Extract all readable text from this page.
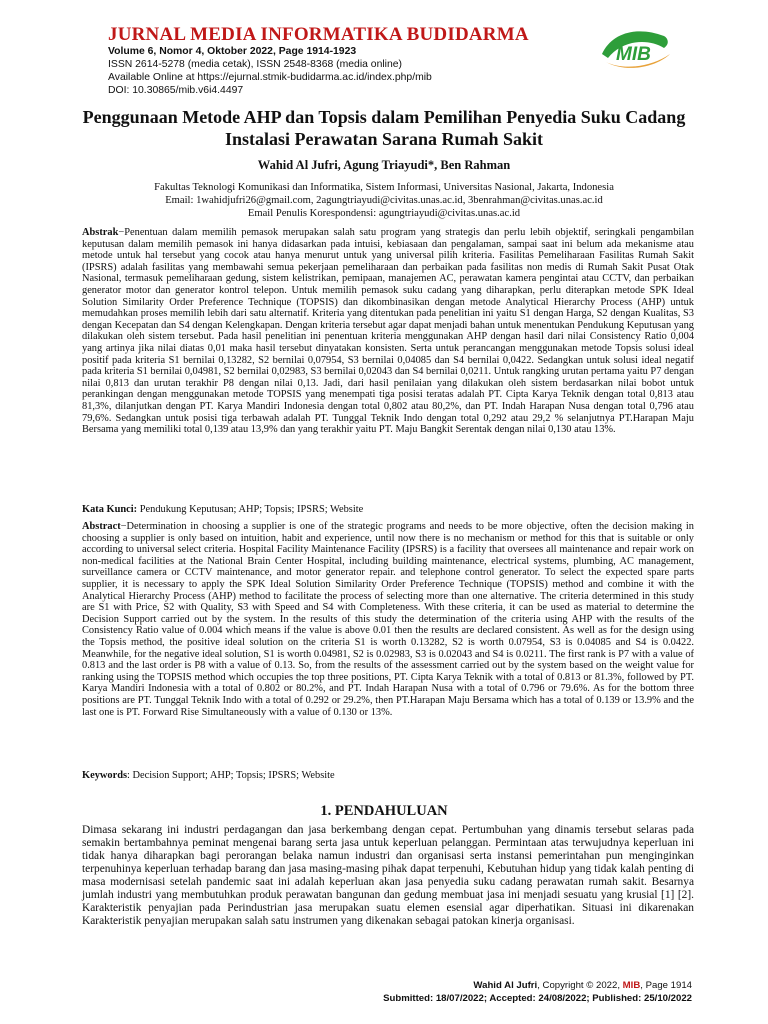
JURNAL MEDIA INFORMATIKA BUDIDARMA
Volume 6, Nomor 4, Oktober 2022, Page 1914-1923
ISSN 2614-5278 (media cetak), ISSN 2548-8368 (media online)
Available Online at https://ejurnal.stmik-budidarma.ac.id/index.php/mib
DOI: 10.30865/mib.v6i4.4497
MIB
Penggunaan Metode AHP dan Topsis dalam Pemilihan Penyedia Suku Cadang Instalasi Perawatan Sarana Rumah Sakit
Wahid Al Jufri, Agung Triayudi*, Ben Rahman
Fakultas Teknologi Komunikasi dan Informatika, Sistem Informasi, Universitas Nasional, Jakarta, Indonesia
Email: 1wahidjufri26@gmail.com, 2agungtriayudi@civitas.unas.ac.id, 3benrahman@civitas.unas.ac.id
Email Penulis Korespondensi: agungtriayudi@civitas.unas.ac.id

Abstrak−Penentuan dalam memilih pemasok merupakan salah satu program yang strategis dan perlu lebih objektif, seringkali pengambilan keputusan dalam memilih pemasok ini hanya didasarkan pada intuisi, kebiasaan dan pengalaman, sampai saat ini belum ada mekanisme atau metode untuk hal tersebut yang cocok atau hanya menurut untuk yang universal pilih kriteria. Fasilitas Pemeliharaan Fasilitas Rumah Sakit (IPSRS) adalah fasilitas yang membawahi semua pekerjaan pemeliharaan dan perbaikan pada fasilitas non medis di Rumah Sakit Pusat Otak Nasional, termasuk pemeliharaan gedung, sistem kelistrikan, pemipaan, manajemen AC, perawatan kamera pengintai atau CCTV, dan perbaikan generator motor dan generator kontrol telepon. Untuk memilih pemasok suku cadang yang diharapkan, perlu diterapkan metode SPK Ideal Solution Similarity Order Preference Technique (TOPSIS) dan dikombinasikan dengan metode Analytical Hierarchy Process (AHP) untuk memudahkan proses memilih lebih dari satu alternatif. Kriteria yang ditentukan pada penelitian ini yaitu S1 dengan Harga, S2 dengan Kualitas, S3 dengan Kecepatan dan S4 dengan Kelengkapan. Dengan kriteria tersebut agar dapat menjadi bahan untuk menentukan Pendukung Keputusan yang dilakukan oleh sistem tersebut. Pada hasil penelitian ini penentuan kriteria menggunakan AHP dengan hasil dari nilai Consistency Ratio 0,004 yang artinya jika nilai diatas 0,01 maka hasil tersebut dinyatakan konsisten. Serta untuk perancangan menggunakan metode Topsis solusi ideal positif pada kriteria S1 bernilai 0,13282, S2 bernilai 0,07954, S3 bernilai 0,04085 dan S4 bernilai 0,0422. Sedangkan untuk solusi ideal negatif pada kriteria S1 bernilai 0,04981, S2 bernilai 0,02983, S3 bernilai 0,02043 dan S4 bernilai 0,0211. Untuk rangking urutan pertama yaitu P7 dengan nilai 0,813 dan urutan terakhir P8 dengan nilai 0,13. Jadi, dari hasil penilaian yang dilakukan oleh sistem berdasarkan nilai bobot untuk perankingan dengan menggunakan metode TOPSIS yang menempati tiga posisi teratas adalah PT. Cipta Karya Teknik dengan total 0,813 atau 81,3%, dilanjutkan dengan PT. Karya Mandiri Indonesia dengan total 0,802 atau 80,2%, dan PT. Indah Harapan Nusa dengan total 0,796 atau 79,6%. Sedangkan untuk posisi tiga terbawah adalah PT. Tunggal Teknik Indo dengan total 0,292 atau 29,2 % selanjutnya PT.Harapan Maju Bersama yang memiliki total 0,139 atau 13,9% dan yang terakhir yaitu PT. Maju Bangkit Serentak dengan nilai 0,130 atau 13%.

Kata Kunci: Pendukung Keputusan; AHP; Topsis; IPSRS; Website

Abstract−Determination in choosing a supplier is one of the strategic programs and needs to be more objective, often the decision making in choosing a supplier is only based on intuition, habit and experience, until now there is no mechanism or method for this that is suitable or only according to universal select criteria. Hospital Facility Maintenance Facility (IPSRS) is a facility that oversees all maintenance and repair work on non-medical facilities at the National Brain Center Hospital, including building maintenance, electrical systems, plumbing, AC management, surveillance camera or CCTV maintenance, and motor generator repair. and telephone control generator. To select the expected spare parts supplier, it is necessary to apply the SPK Ideal Solution Similarity Order Preference Technique (TOPSIS) method and combine it with the Analytical Hierarchy Process (AHP) method to facilitate the process of selecting more than one alternative. The criteria determined in this study are S1 with Price, S2 with Quality, S3 with Speed and S4 with Completeness. With these criteria, it can be used as material to determine the Decision Support carried out by the system. In the results of this study the determination of the criteria using AHP with the results of the Consistency Ratio value of 0.004 which means if the value is above 0.01 then the results are declared consistent. As well as for the design using the Topsis method, the positive ideal solution on the criteria S1 is worth 0.13282, S2 is worth 0.07954, S3 is 0.04085 and S4 is 0.0422. Meanwhile, for the negative ideal solution, S1 is worth 0.04981, S2 is 0.02983, S3 is 0.02043 and S4 is 0.0211. The first rank is P7 with a value of 0.813 and the last order is P8 with a value of 0.13. So, from the results of the assessment carried out by the system based on the weight value for ranking using the TOPSIS method which occupies the top three positions, PT. Cipta Karya Teknik with a total of 0.813 or 81.3%, followed by PT. Karya Mandiri Indonesia with a total of 0.802 or 80.2%, and PT. Indah Harapan Nusa with a total of 0.796 or 79.6%. As for the bottom three positions are PT. Tunggal Teknik Indo with a total of 0.292 or 29.2%, then PT.Harapan Maju Bersama which has a total of 0.139 or 13.9% and the last one is PT. Forward Rise Simultaneously with a value of 0.130 or 13%.

Keywords: Decision Support; AHP; Topsis; IPSRS; Website

1. PENDAHULUAN

Dimasa sekarang ini industri perdagangan dan jasa berkembang dengan cepat. Pertumbuhan yang dinamis tersebut selaras pada semakin bertambahnya peminat mengenai barang serta jasa untuk keperluan pelanggan. Permintaan atas terwujudnya keperluan ini tidak hanya diharapkan bagi perorangan belaka namun industri dan organisasi serta instansi pemerintahan pun menginginkan terpenuhinya keperluan terhadap barang dan jasa masing-masing pihak dapat terpenuhi, Kebutuhan hidup yang tidak kalah penting di masa modernisasi setelah pandemic saat ini adalah keperluan akan jasa penyedia suku cadang perawatan rumah sakit. Besarnya jumlah industri yang membutuhkan produk perawatan bangunan dan gedung membuat jasa ini menjadi sesuatu yang krusial [1] [2]. Karakteristik penyajian pada Perindustrian jasa merupakan suatu elemen esensial agar diperhatikan. Situasi ini dikarenakan Karakteristik penyajian merupakan salah satu instrumen yang dikenakan sebagai patokan kinerja organisasi.

Wahid Al Jufri, Copyright © 2022, MIB, Page 1914
Submitted: 18/07/2022; Accepted: 24/08/2022; Published: 25/10/2022
